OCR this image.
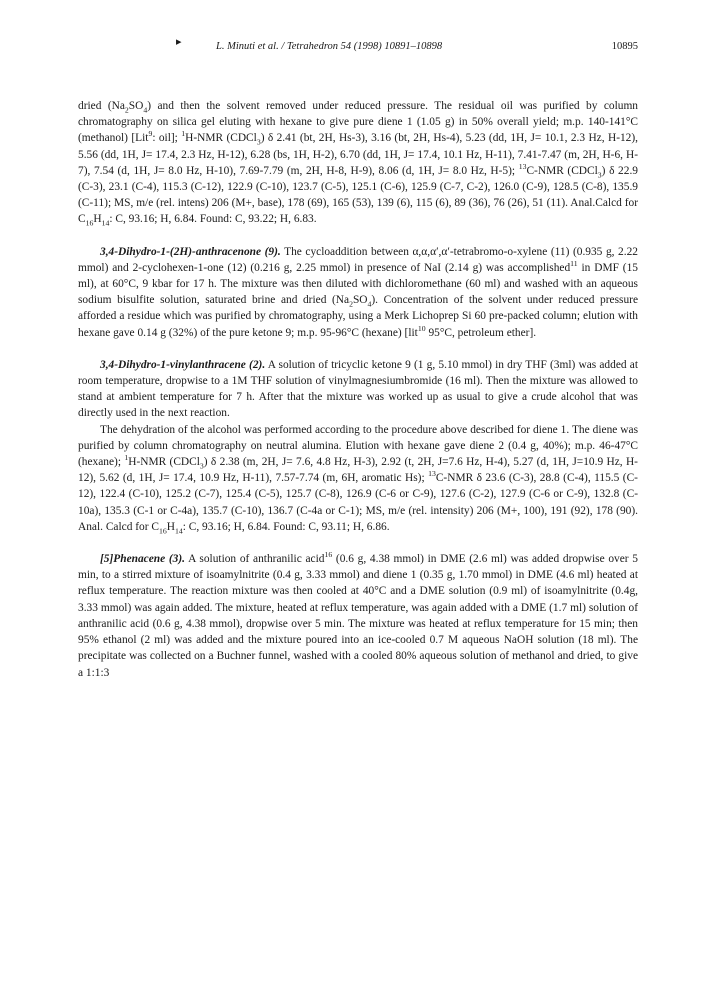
▸	L. Minuti et al. / Tetrahedron 54 (1998) 10891–10898	10895

dried $(Na_2SO_4)$ and then the solvent removed under reduced pressure. The residual oil was purified by column chromatography on silica gel eluting with hexane to give pure diene 1 (1.05 g) in 50% overall yield; m.p. 140-141°C (methanol) [Lit$^9$: oil]; $^1$H-NMR (CDCl$_3$) δ 2.41 (bt, 2H, Hs-3), 3.16 (bt, 2H, Hs-4), 5.23 (dd, 1H, J= 10.1, 2.3 Hz, H-12), 5.56 (dd, 1H, J= 17.4, 2.3 Hz, H-12), 6.28 (bs, 1H, H-2), 6.70 (dd, 1H, J= 17.4, 10.1 Hz, H-11), 7.41-7.47 (m, 2H, H-6, H-7), 7.54 (d, 1H, J= 8.0 Hz, H-10), 7.69-7.79 (m, 2H, H-8, H-9), 8.06 (d, 1H, J= 8.0 Hz, H-5); $^{13}$C-NMR (CDCl$_3$) δ 22.9 (C-3), 23.1 (C-4), 115.3 (C-12), 122.9 (C-10), 123.7 (C-5), 125.1 (C-6), 125.9 (C-7, C-2), 126.0 (C-9), 128.5 (C-8), 135.9 (C-11); MS, m/e (rel. intens) 206 (M+, base), 178 (69), 165 (53), 139 (6), 115 (6), 89 (36), 76 (26), 51 (11). Anal.Calcd for $C_{16}H_{14}$: C, 93.16; H, 6.84. Found: C, 93.22; H, 6.83.

3,4-Dihydro-1-(2H)-anthracenone (9). The cycloaddition between α,α,α′,α′-tetrabromo-o-xylene (11) (0.935 g, 2.22 mmol) and 2-cyclohexen-1-one (12) (0.216 g, 2.25 mmol) in presence of NaI (2.14 g) was accomplished$^{11}$ in DMF (15 ml), at 60°C, 9 kbar for 17 h. The mixture was then diluted with dichloromethane (60 ml) and washed with an aqueous sodium bisulfite solution, saturated brine and dried $(Na_2SO_4)$. Concentration of the solvent under reduced pressure afforded a residue which was purified by chromatography, using a Merk Lichoprep Si 60 pre-packed column; elution with hexane gave 0.14 g (32%) of the pure ketone 9; m.p. 95-96°C (hexane) [lit$^{10}$ 95°C, petroleum ether].

3,4-Dihydro-1-vinylanthracene (2). A solution of tricyclic ketone 9 (1 g, 5.10 mmol) in dry THF (3ml) was added at room temperature, dropwise to a 1M THF solution of vinylmagnesiumbromide (16 ml). Then the mixture was allowed to stand at ambient temperature for 7 h. After that the mixture was worked up as usual to give a crude alcohol that was directly used in the next reaction.

The dehydration of the alcohol was performed according to the procedure above described for diene 1. The diene was purified by column chromatography on neutral alumina. Elution with hexane gave diene 2 (0.4 g, 40%); m.p. 46-47°C (hexane); $^1$H-NMR (CDCl$_3$) δ 2.38 (m, 2H, J= 7.6, 4.8 Hz, H-3), 2.92 (t, 2H, J=7.6 Hz, H-4), 5.27 (d, 1H, J=10.9 Hz, H-12), 5.62 (d, 1H, J= 17.4, 10.9 Hz, H-11), 7.57-7.74 (m, 6H, aromatic Hs); $^{13}$C-NMR δ 23.6 (C-3), 28.8 (C-4), 115.5 (C-12), 122.4 (C-10), 125.2 (C-7), 125.4 (C-5), 125.7 (C-8), 126.9 (C-6 or C-9), 127.6 (C-2), 127.9 (C-6 or C-9), 132.8 (C-10a), 135.3 (C-1 or C-4a), 135.7 (C-10), 136.7 (C-4a or C-1); MS, m/e (rel. intensity) 206 (M+, 100), 191 (92), 178 (90). Anal. Calcd for $C_{16}H_{14}$: C, 93.16; H, 6.84. Found: C, 93.11; H, 6.86.

[5]Phenacene (3). A solution of anthranilic acid$^{16}$ (0.6 g, 4.38 mmol) in DME (2.6 ml) was added dropwise over 5 min, to a stirred mixture of isoamylnitrite (0.4 g, 3.33 mmol) and diene 1 (0.35 g, 1.70 mmol) in DME (4.6 ml) heated at reflux temperature. The reaction mixture was then cooled at 40°C and a DME solution (0.9 ml) of isoamylnitrite (0.4g, 3.33 mmol) was again added. The mixture, heated at reflux temperature, was again added with a DME (1.7 ml) solution of anthranilic acid (0.6 g, 4.38 mmol), dropwise over 5 min. The mixture was heated at reflux temperature for 15 min; then 95% ethanol (2 ml) was added and the mixture poured into an ice-cooled 0.7 M aqueous NaOH solution (18 ml). The precipitate was collected on a Buchner funnel, washed with a cooled 80% aqueous solution of methanol and dried, to give a 1:1:3
